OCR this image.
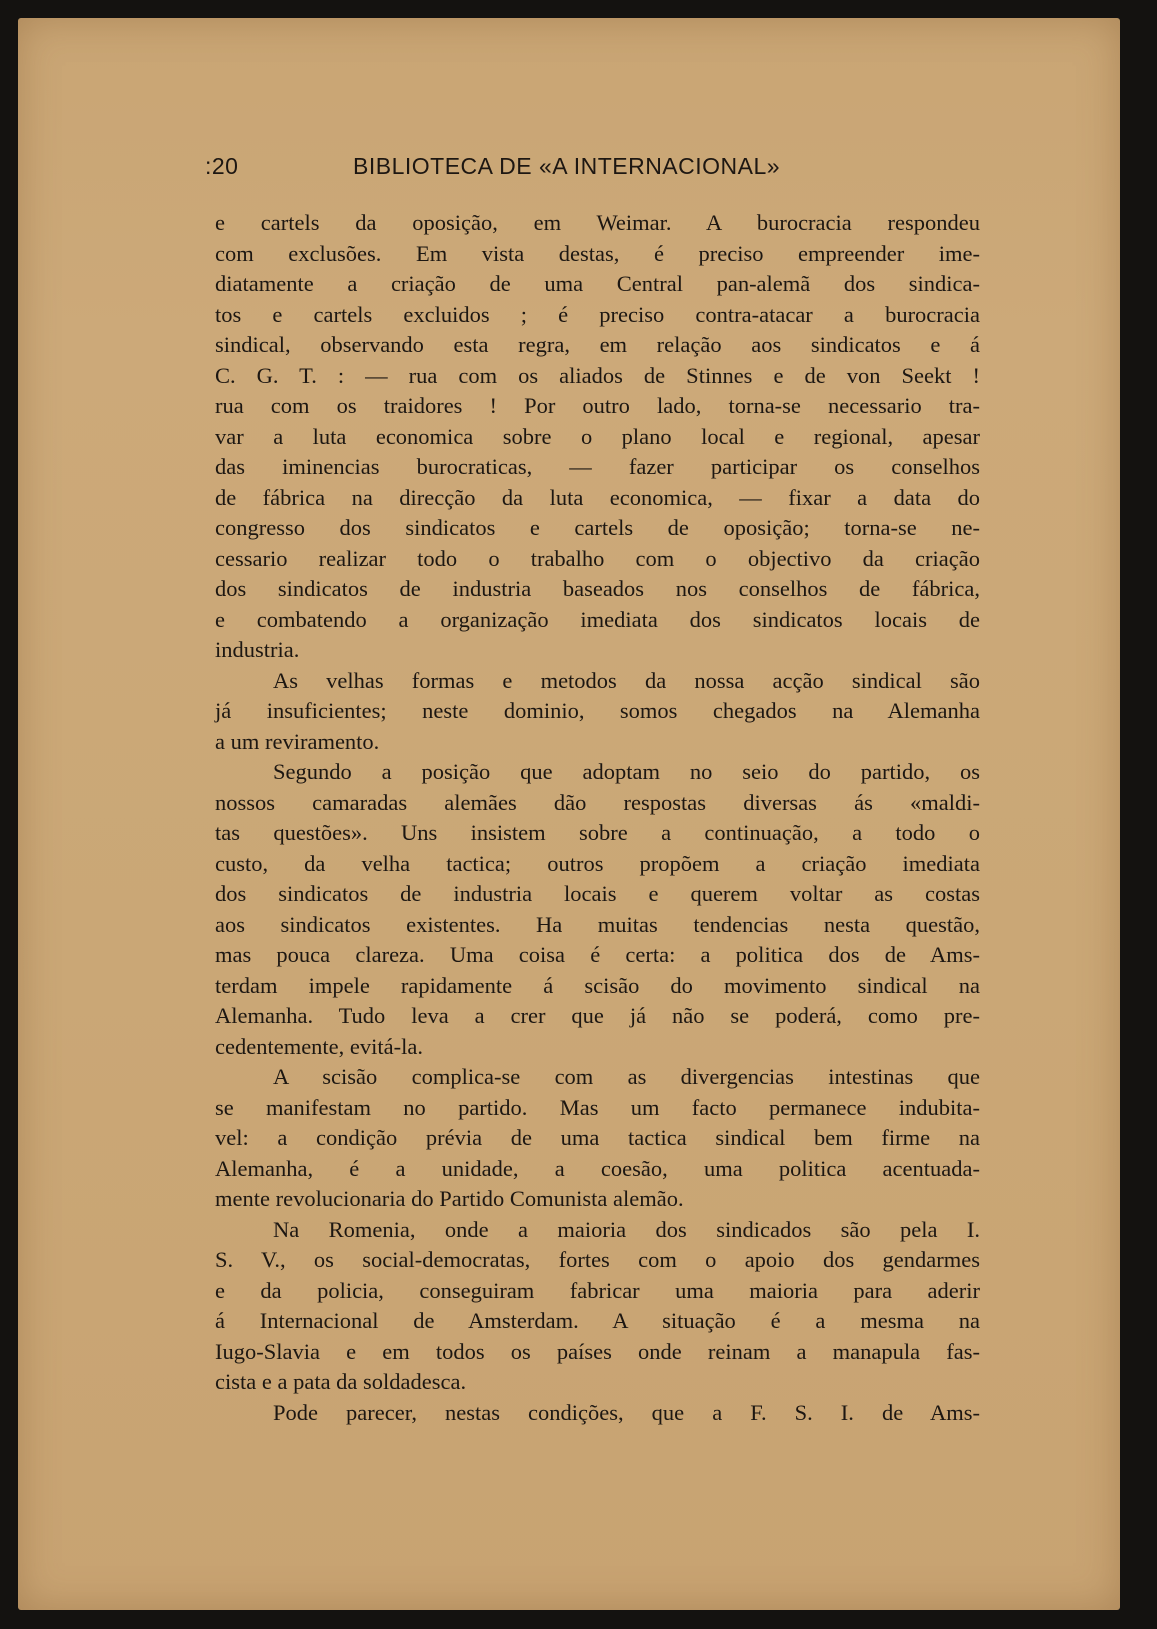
:20	BIBLIOTECA DE «A INTERNACIONAL»
e cartels da oposição, em Weimar. A burocracia respondeu
com exclusões. Em vista destas, é preciso empreender ime-
diatamente a criação de uma Central pan-alemã dos sindica-
tos e cartels excluidos ; é preciso contra-atacar a burocracia
sindical, observando esta regra, em relação aos sindicatos e á
C. G. T. : — rua com os aliados de Stinnes e de von Seekt !
rua com os traidores ! Por outro lado, torna-se necessario tra-
var a luta economica sobre o plano local e regional, apesar
das iminencias burocraticas, — fazer participar os conselhos
de fábrica na direcção da luta economica, — fixar a data do
congresso dos sindicatos e cartels de oposição; torna-se ne-
cessario realizar todo o trabalho com o objectivo da criação
dos sindicatos de industria baseados nos conselhos de fábrica,
e combatendo a organização imediata dos sindicatos locais de
industria.
As velhas formas e metodos da nossa acção sindical são
já insuficientes; neste dominio, somos chegados na Alemanha
a um reviramento.
Segundo a posição que adoptam no seio do partido, os
nossos camaradas alemães dão respostas diversas ás «maldi-
tas questões». Uns insistem sobre a continuação, a todo o
custo, da velha tactica; outros propõem a criação imediata
dos sindicatos de industria locais e querem voltar as costas
aos sindicatos existentes. Ha muitas tendencias nesta questão,
mas pouca clareza. Uma coisa é certa: a politica dos de Ams-
terdam impele rapidamente á scisão do movimento sindical na
Alemanha. Tudo leva a crer que já não se poderá, como pre-
cedentemente, evitá-la.
A scisão complica-se com as divergencias intestinas que
se manifestam no partido. Mas um facto permanece indubita-
vel: a condição prévia de uma tactica sindical bem firme na
Alemanha, é a unidade, a coesão, uma politica acentuada-
mente revolucionaria do Partido Comunista alemão.
Na Romenia, onde a maioria dos sindicados são pela I.
S. V., os social-democratas, fortes com o apoio dos gendarmes
e da policia, conseguiram fabricar uma maioria para aderir
á Internacional de Amsterdam. A situação é a mesma na
Iugo-Slavia e em todos os países onde reinam a manapula fas-
cista e a pata da soldadesca.
Pode parecer, nestas condições, que a F. S. I. de Ams-
